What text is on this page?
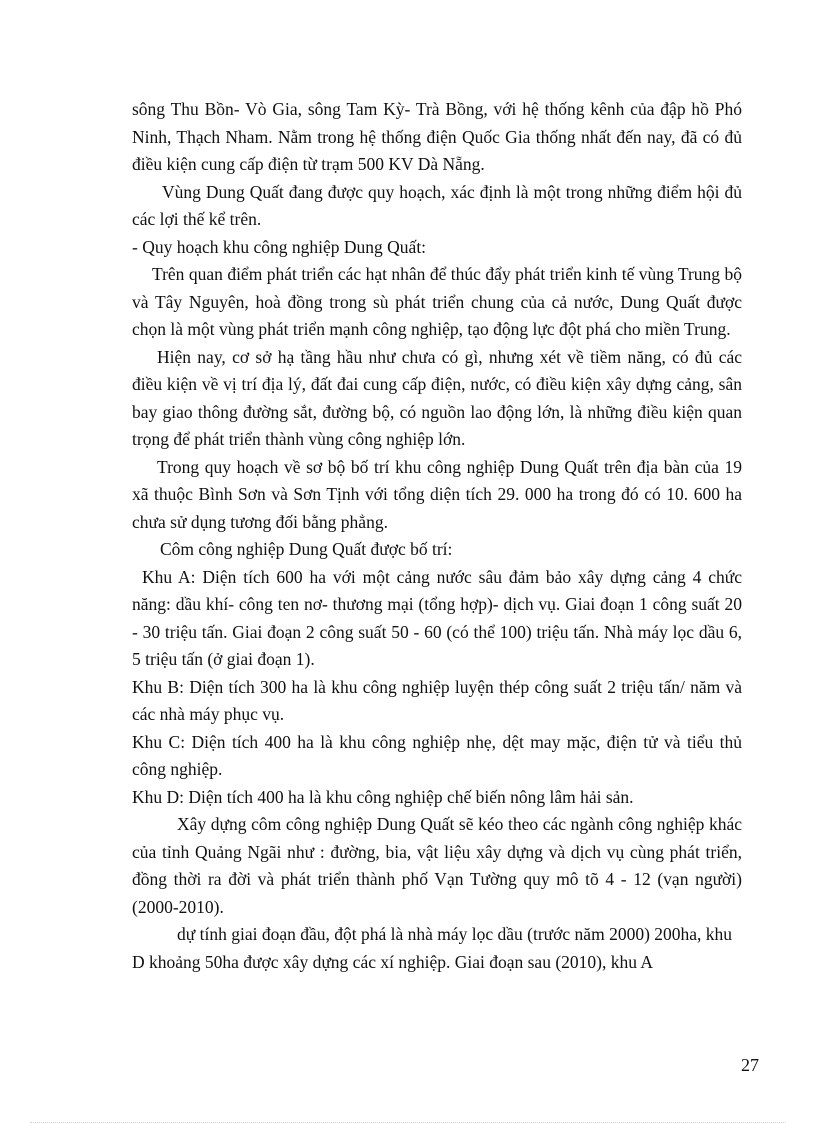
sông Thu Bồn- Vò Gia, sông Tam Kỳ- Trà Bồng, với hệ thống kênh của đập hồ Phó Ninh, Thạch Nham. Nằm trong hệ thống điện Quốc Gia thống nhất đến nay, đã có đủ điều kiện cung cấp điện từ trạm 500 KV Dà Nẵng.

Vùng Dung Quất đang được quy hoạch, xác định là một trong những điểm hội đủ các lợi thế kể trên.

- Quy hoạch khu công nghiệp Dung Quất:

Trên quan điểm phát triển các hạt nhân để thúc đẩy phát triển kinh tế vùng Trung bộ và Tây Nguyên, hoà đồng trong sù phát triển chung của cả nước, Dung Quất được chọn là một vùng phát triển mạnh công nghiệp, tạo động lực đột phá cho miền Trung.

Hiện nay, cơ sở hạ tầng hầu như chưa có gì, nhưng xét về tiềm năng, có đủ các điều kiện về vị trí địa lý, đất đai cung cấp điện, nước, có điều kiện xây dựng cảng, sân bay giao thông đường sắt, đường bộ, có nguồn lao động lớn, là những điều kiện quan trọng để phát triển thành vùng công nghiệp lớn.

Trong quy hoạch về sơ bộ bố trí khu công nghiệp Dung Quất trên địa bàn của 19 xã thuộc Bình Sơn và Sơn Tịnh với tổng diện tích 29. 000 ha trong đó có 10. 600 ha chưa sử dụng tương đối bằng phẳng.

Côm công nghiệp Dung Quất được bố trí:

Khu A: Diện tích 600 ha với một cảng nước sâu đảm bảo xây dựng cảng 4 chức năng: dầu khí- công ten nơ- thương mại (tổng hợp)- dịch vụ. Giai đoạn 1 công suất 20 - 30 triệu tấn. Giai đoạn 2 công suất 50 - 60 (có thể 100) triệu tấn. Nhà máy lọc dầu 6, 5 triệu tấn (ở giai đoạn 1).

Khu B: Diện tích 300 ha là khu công nghiệp luyện thép công suất 2 triệu tấn/ năm và các nhà máy phục vụ.

Khu C: Diện tích 400 ha là khu công nghiệp nhẹ, dệt may mặc, điện tử và tiểu thủ công nghiệp.

Khu D: Diện tích 400 ha là khu công nghiệp chế biến nông lâm hải sản.

Xây dựng côm công nghiệp Dung Quất sẽ kéo theo các ngành công nghiệp khác của tỉnh Quảng Ngãi như : đường, bia, vật liệu xây dựng và dịch vụ cùng phát triển, đồng thời ra đời và phát triển thành phố Vạn Tường quy mô tõ 4 - 12 (vạn người)(2000-2010).

dự tính giai đoạn đầu, đột phá là nhà máy lọc dầu (trước năm 2000) 200ha, khu D khoảng 50ha được xây dựng các xí nghiệp. Giai đoạn sau (2010), khu A

27
